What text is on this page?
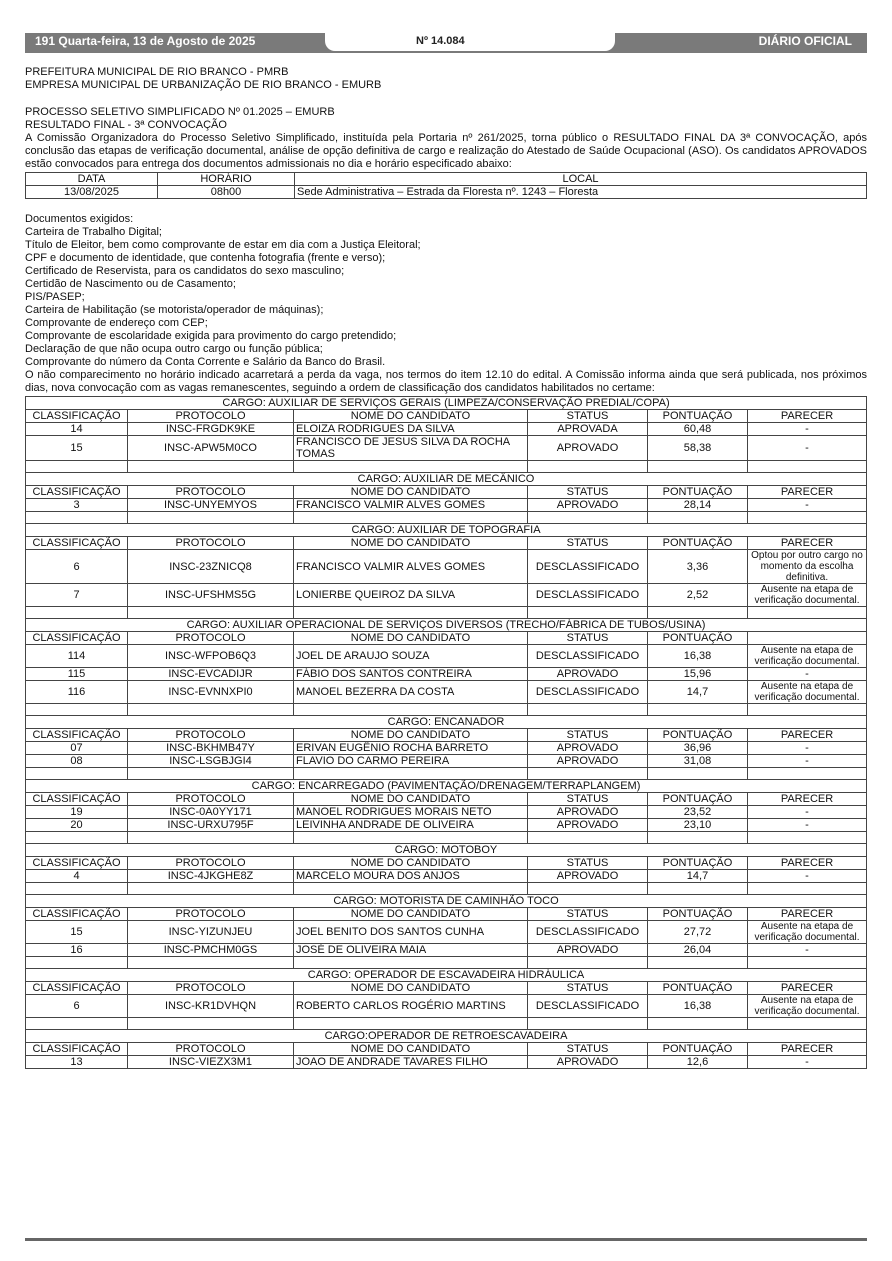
191 Quarta-feira, 13 de Agosto de 2025	Nº 14.084	DIÁRIO OFICIAL

PREFEITURA MUNICIPAL DE RIO BRANCO - PMRB

EMPRESA MUNICIPAL DE URBANIZAÇÃO DE RIO BRANCO - EMURB

PROCESSO SELETIVO SIMPLIFICADO Nº 01.2025 – EMURB

RESULTADO FINAL - 3ª CONVOCAÇÃO

A Comissão Organizadora do Processo Seletivo Simplificado, instituída pela Portaria nº 261/2025, torna público o RESULTADO FINAL DA 3ª CONVOCAÇÃO, após conclusão das etapas de verificação documental, análise de opção definitiva de cargo e realização do Atestado de Saúde Ocupacional (ASO). Os candidatos APROVADOS estão convocados para entrega dos documentos admissionais no dia e horário especificado abaixo:

DATA	HORÁRIO	LOCAL
13/08/2025	08h00	Sede Administrativa – Estrada da Floresta nº. 1243 – Floresta

Documentos exigidos:

Carteira de Trabalho Digital;

Título de Eleitor, bem como comprovante de estar em dia com a Justiça Eleitoral;

CPF e documento de identidade, que contenha fotografia (frente e verso);

Certificado de Reservista, para os candidatos do sexo masculino;

Certidão de Nascimento ou de Casamento;

PIS/PASEP;

Carteira de Habilitação (se motorista/operador de máquinas);

Comprovante de endereço com CEP;

Comprovante de escolaridade exigida para provimento do cargo pretendido;

Declaração de que não ocupa outro cargo ou função pública;

Comprovante do número da Conta Corrente e Salário da Banco do Brasil.

O não comparecimento no horário indicado acarretará a perda da vaga, nos termos do item 12.10 do edital. A Comissão informa ainda que será publicada, nos próximos dias, nova convocação com as vagas remanescentes, seguindo a ordem de classificação dos candidatos habilitados no certame:

CARGO: AUXILIAR DE SERVIÇOS GERAIS (LIMPEZA/CONSERVAÇÃO PREDIAL/COPA)					
CLASSIFICAÇÃO	PROTOCOLO	NOME DO CANDIDATO	STATUS	PONTUAÇÃO	PARECER
14	INSC-FRGDK9KE	ELOIZA RODRIGUES DA SILVA	APROVADA	60,48	-
15	INSC-APW5M0CO	FRANCISCO DE JESUS SILVA DA ROCHA TOMAS	APROVADO	58,38	-

CARGO: AUXILIAR DE MECÂNICO					
CLASSIFICAÇÃO	PROTOCOLO	NOME DO CANDIDATO	STATUS	PONTUAÇÃO	PARECER
3	INSC-UNYEMYOS	FRANCISCO VALMIR ALVES GOMES	APROVADO	28,14	-

CARGO: AUXILIAR DE TOPOGRAFIA					
CLASSIFICAÇÃO	PROTOCOLO	NOME DO CANDIDATO	STATUS	PONTUAÇÃO	PARECER
6	INSC-23ZNICQ8	FRANCISCO VALMIR ALVES GOMES	DESCLASSIFICADO	3,36	Optou por outro cargo no momento da escolha definitiva.
7	INSC-UFSHMS5G	LONIERBE QUEIROZ DA SILVA	DESCLASSIFICADO	2,52	Ausente na etapa de verificação documental.

CARGO: AUXILIAR OPERACIONAL DE SERVIÇOS DIVERSOS (TRECHO/FÁBRICA DE TUBOS/USINA)					
CLASSIFICAÇÃO	PROTOCOLO	NOME DO CANDIDATO	STATUS	PONTUAÇÃO	
114	INSC-WFPOB6Q3	JOEL DE ARAUJO SOUZA	DESCLASSIFICADO	16,38	Ausente na etapa de verificação documental.
115	INSC-EVCADIJR	FÁBIO DOS SANTOS CONTREIRA	APROVADO	15,96	-
116	INSC-EVNNXPI0	MANOEL BEZERRA DA COSTA	DESCLASSIFICADO	14,7	Ausente na etapa de verificação documental.

CARGO: ENCANADOR					
CLASSIFICAÇÃO	PROTOCOLO	NOME DO CANDIDATO	STATUS	PONTUAÇÃO	PARECER
07	INSC-BKHMB47Y	ERIVAN EUGÊNIO ROCHA BARRETO	APROVADO	36,96	-
08	INSC-LSGBJGI4	FLAVIO DO CARMO PEREIRA	APROVADO	31,08	-

CARGO: ENCARREGADO (PAVIMENTAÇÃO/DRENAGEM/TERRAPLANGEM)					
CLASSIFICAÇÃO	PROTOCOLO	NOME DO CANDIDATO	STATUS	PONTUAÇÃO	PARECER
19	INSC-0A0YY171	MANOEL RODRIGUES MORAIS NETO	APROVADO	23,52	-
20	INSC-URXU795F	LEIVINHA ANDRADE DE OLIVEIRA	APROVADO	23,10	-

CARGO: MOTOBOY					
CLASSIFICAÇÃO	PROTOCOLO	NOME DO CANDIDATO	STATUS	PONTUAÇÃO	PARECER
4	INSC-4JKGHE8Z	MARCELO MOURA DOS ANJOS	APROVADO	14,7	-

CARGO: MOTORISTA DE CAMINHÃO TOCO					
CLASSIFICAÇÃO	PROTOCOLO	NOME DO CANDIDATO	STATUS	PONTUAÇÃO	PARECER
15	INSC-YIZUNJEU	JOEL BENITO DOS SANTOS CUNHA	DESCLASSIFICADO	27,72	Ausente na etapa de verificação documental.
16	INSC-PMCHM0GS	JOSÉ DE OLIVEIRA MAIA	APROVADO	26,04	-

CARGO: OPERADOR DE ESCAVADEIRA HIDRÁULICA					
CLASSIFICAÇÃO	PROTOCOLO	NOME DO CANDIDATO	STATUS	PONTUAÇÃO	PARECER
6	INSC-KR1DVHQN	ROBERTO CARLOS ROGÉRIO MARTINS	DESCLASSIFICADO	16,38	Ausente na etapa de verificação documental.

CARGO:OPERADOR DE RETROESCAVADEIRA					
CLASSIFICAÇÃO	PROTOCOLO	NOME DO CANDIDATO	STATUS	PONTUAÇÃO	PARECER
13	INSC-VIEZX3M1	JOAO DE ANDRADE TAVARES FILHO	APROVADO	12,6	-
